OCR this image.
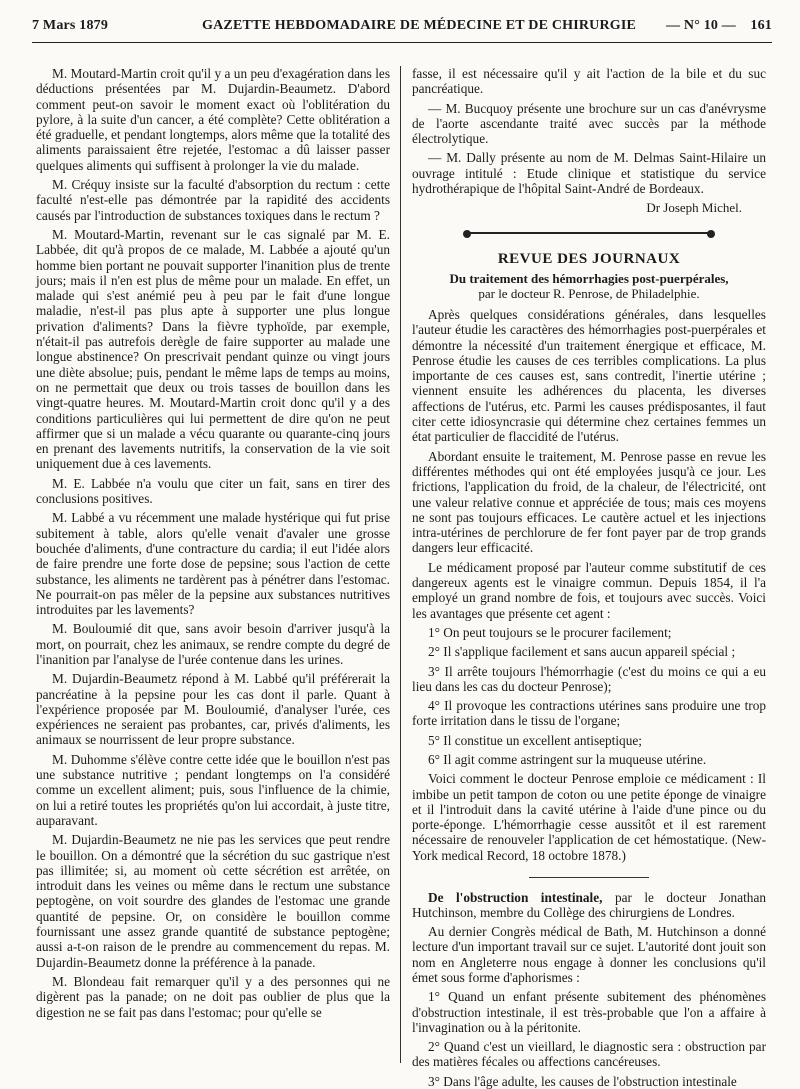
7 Mars 1879	GAZETTE HEBDOMADAIRE DE MÉDECINE ET DE CHIRURGIE — N° 10 — 161

M. Moutard-Martin croit qu'il y a un peu d'exagération dans les déductions présentées par M. Dujardin-Beaumetz. D'abord comment peut-on savoir le moment exact où l'oblitération du pylore, à la suite d'un cancer, a été complète? Cette oblitération a été graduelle, et pendant longtemps, alors même que la totalité des aliments paraissaient être rejetée, l'estomac a dû laisser passer quelques aliments qui suffisent à prolonger la vie du malade.

M. Créquy insiste sur la faculté d'absorption du rectum : cette faculté n'est-elle pas démontrée par la rapidité des accidents causés par l'introduction de substances toxiques dans le rectum ?

M. Moutard-Martin, revenant sur le cas signalé par M. E. Labbée, dit qu'à propos de ce malade, M. Labbée a ajouté qu'un homme bien portant ne pouvait supporter l'inanition plus de trente jours; mais il n'en est plus de même pour un malade. En effet, un malade qui s'est anémié peu à peu par le fait d'une longue maladie, n'est-il pas plus apte à supporter une plus longue privation d'aliments? Dans la fièvre typhoïde, par exemple, n'était-il pas autrefois derègle de faire supporter au malade une longue abstinence? On prescrivait pendant quinze ou vingt jours une diète absolue; puis, pendant le même laps de temps au moins, on ne permettait que deux ou trois tasses de bouillon dans les vingt-quatre heures. M. Moutard-Martin croit donc qu'il y a des conditions particulières qui lui permettent de dire qu'on ne peut affirmer que si un malade a vécu quarante ou quarante-cinq jours en prenant des lavements nutritifs, la conservation de la vie soit uniquement due à ces lavements.

M. E. Labbée n'a voulu que citer un fait, sans en tirer des conclusions positives.

M. Labbé a vu récemment une malade hystérique qui fut prise subitement à table, alors qu'elle venait d'avaler une grosse bouchée d'aliments, d'une contracture du cardia; il eut l'idée alors de faire prendre une forte dose de pepsine; sous l'action de cette substance, les aliments ne tardèrent pas à pénétrer dans l'estomac. Ne pourrait-on pas mêler de la pepsine aux substances nutritives introduites par les lavements?

M. Bouloumié dit que, sans avoir besoin d'arriver jusqu'à la mort, on pourrait, chez les animaux, se rendre compte du degré de l'inanition par l'analyse de l'urée contenue dans les urines.

M. Dujardin-Beaumetz répond à M. Labbé qu'il préférerait la pancréatine à la pepsine pour les cas dont il parle. Quant à l'expérience proposée par M. Bouloumié, d'analyser l'urée, ces expériences ne seraient pas probantes, car, privés d'aliments, les animaux se nourrissent de leur propre substance.

M. Duhomme s'élève contre cette idée que le bouillon n'est pas une substance nutritive ; pendant longtemps on l'a considéré comme un excellent aliment; puis, sous l'influence de la chimie, on lui a retiré toutes les propriétés qu'on lui accordait, à juste titre, auparavant.

M. Dujardin-Beaumetz ne nie pas les services que peut rendre le bouillon. On a démontré que la sécrétion du suc gastrique n'est pas illimitée; si, au moment où cette sécrétion est arrêtée, on introduit dans les veines ou même dans le rectum une substance peptogène, on voit sourdre des glandes de l'estomac une grande quantité de pepsine. Or, on considère le bouillon comme fournissant une assez grande quantité de substance peptogène; aussi a-t-on raison de le prendre au commencement du repas. M. Dujardin-Beaumetz donne la préférence à la panade.

M. Blondeau fait remarquer qu'il y a des personnes qui ne digèrent pas la panade; on ne doit pas oublier de plus que la digestion ne se fait pas dans l'estomac; pour qu'elle se

fasse, il est nécessaire qu'il y ait l'action de la bile et du suc pancréatique.

— M. Bucquoy présente une brochure sur un cas d'anévrysme de l'aorte ascendante traité avec succès par la méthode électrolytique.

— M. Dally présente au nom de M. Delmas Saint-Hilaire un ouvrage intitulé : Etude clinique et statistique du service hydrothérapique de l'hôpital Saint-André de Bordeaux.

Dr Joseph Michel.
REVUE DES JOURNAUX
Du traitement des hémorrhagies post-puerpérales,
par le docteur R. Penrose, de Philadelphie.

Après quelques considérations générales, dans lesquelles l'auteur étudie les caractères des hémorrhagies post-puerpérales et démontre la nécessité d'un traitement énergique et efficace, M. Penrose étudie les causes de ces terribles complications. La plus importante de ces causes est, sans contredit, l'inertie utérine ; viennent ensuite les adhérences du placenta, les diverses affections de l'utérus, etc. Parmi les causes prédisposantes, il faut citer cette idiosyncrasie qui détermine chez certaines femmes un état particulier de flaccidité de l'utérus.

Abordant ensuite le traitement, M. Penrose passe en revue les différentes méthodes qui ont été employées jusqu'à ce jour. Les frictions, l'application du froid, de la chaleur, de l'électricité, ont une valeur relative connue et appréciée de tous; mais ces moyens ne sont pas toujours efficaces. Le cautère actuel et les injections intra-utérines de perchlorure de fer font payer par de trop grands dangers leur efficacité.

Le médicament proposé par l'auteur comme substitutif de ces dangereux agents est le vinaigre commun. Depuis 1854, il l'a employé un grand nombre de fois, et toujours avec succès. Voici les avantages que présente cet agent :

1° On peut toujours se le procurer facilement;

2° Il s'applique facilement et sans aucun appareil spécial ;

3° Il arrête toujours l'hémorrhagie (c'est du moins ce qui a eu lieu dans les cas du docteur Penrose);

4° Il provoque les contractions utérines sans produire une trop forte irritation dans le tissu de l'organe;

5° Il constitue un excellent antiseptique;

6° Il agit comme astringent sur la muqueuse utérine.

Voici comment le docteur Penrose emploie ce médicament : Il imbibe un petit tampon de coton ou une petite éponge de vinaigre et il l'introduit dans la cavité utérine à l'aide d'une pince ou du porte-éponge. L'hémorrhagie cesse aussitôt et il est rarement nécessaire de renouveler l'application de cet hémostatique. (New-York medical Record, 18 octobre 1878.)

De l'obstruction intestinale, par le docteur Jonathan Hutchinson, membre du Collège des chirurgiens de Londres.

Au dernier Congrès médical de Bath, M. Hutchinson a donné lecture d'un important travail sur ce sujet. L'autorité dont jouit son nom en Angleterre nous engage à donner les conclusions qu'il émet sous forme d'aphorismes :

1° Quand un enfant présente subitement des phénomènes d'obstruction intestinale, il est très-probable que l'on a affaire à l'invagination ou à la péritonite.

2° Quand c'est un vieillard, le diagnostic sera : obstruction par des matières fécales ou affections cancéreuses.

3° Dans l'âge adulte, les causes de l'obstruction intestinale
